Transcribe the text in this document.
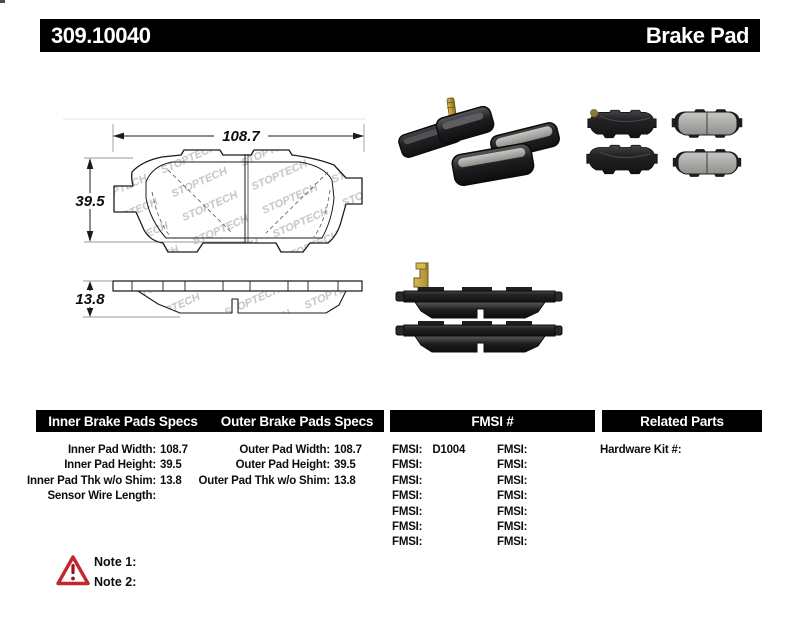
108.7
39.5
13.8
309.10040	Brake Pad
Inner Brake Pads Specs	Outer Brake Pads Specs	FMSI #	Related Parts
Inner Pad Width: 108.7
Inner Pad Height: 39.5
Inner Pad Thk w/o Shim: 13.8
Sensor Wire Length:
Outer Pad Width: 108.7
Outer Pad Height: 39.5
Outer Pad Thk w/o Shim: 13.8
FMSI: D1004
FMSI:
FMSI:
FMSI:
FMSI:
FMSI:
FMSI:
FMSI:
FMSI:
FMSI:
FMSI:
FMSI:
FMSI:
FMSI:
Hardware Kit #:
Note 1:
Note 2:
